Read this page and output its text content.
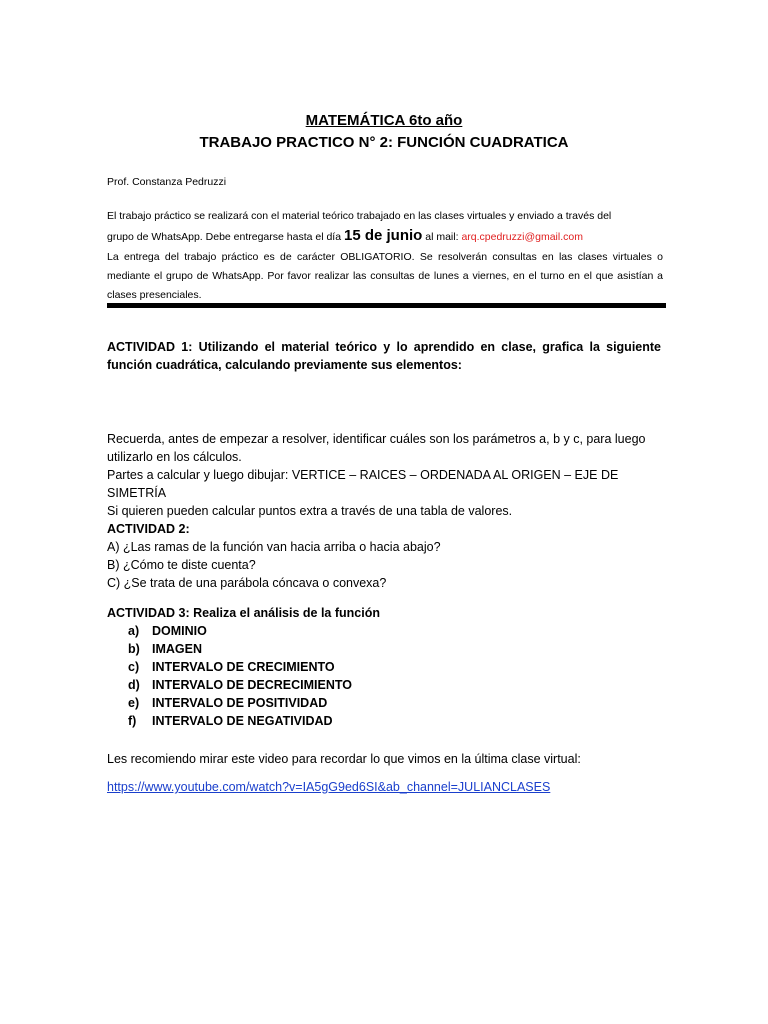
MATEMÁTICA 6to año
TRABAJO PRACTICO N° 2: FUNCIÓN CUADRATICA
Prof. Constanza Pedruzzi
El trabajo práctico se realizará con el material teórico trabajado en las clases virtuales y enviado a través del
grupo de WhatsApp. Debe entregarse hasta el día 15 de junio al mail: arq.cpedruzzi@gmail.com
La entrega del trabajo práctico es de carácter OBLIGATORIO. Se resolverán consultas en las clases virtuales o mediante el grupo de WhatsApp. Por favor realizar las consultas de lunes a viernes, en el turno en el que asistían a clases presenciales.
ACTIVIDAD 1: Utilizando el material teórico y lo aprendido en clase, grafica la siguiente función cuadrática, calculando previamente sus elementos:
Recuerda, antes de empezar a resolver, identificar cuáles son los parámetros a, b y c, para luego utilizarlo en los cálculos.
Partes a calcular y luego dibujar: VERTICE – RAICES – ORDENADA AL ORIGEN – EJE DE SIMETRÍA
Si quieren pueden calcular puntos extra a través de una tabla de valores.
ACTIVIDAD 2:
A) ¿Las ramas de la función van hacia arriba o hacia abajo?
B) ¿Cómo te diste cuenta?
C) ¿Se trata de una parábola cóncava o convexa?
ACTIVIDAD 3: Realiza el análisis de la función
a)	DOMINIO
b) IMAGEN
c)	INTERVALO DE CRECIMIENTO
d) INTERVALO DE DECRECIMIENTO
e)	INTERVALO DE POSITIVIDAD
f)	INTERVALO DE NEGATIVIDAD
Les recomiendo mirar este video para recordar lo que vimos en la última clase virtual:
https://www.youtube.com/watch?v=IA5gG9ed6SI&ab_channel=JULIANCLASES
